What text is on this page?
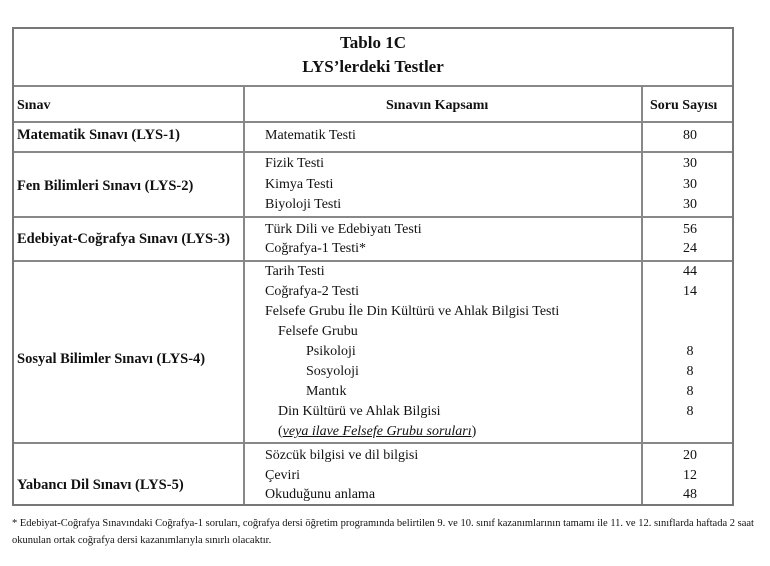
Tablo 1C
LYS’lerdeki Testler
Sınav	Sınavın Kapsamı	Soru Sayısı
Matematik Sınavı (LYS-1)	Matematik Testi	80
Fen Bilimleri Sınavı (LYS-2)
Fizik Testi	30
Kimya Testi	30
Biyoloji Testi	30
Edebiyat-Coğrafya Sınavı (LYS-3)
Türk Dili ve Edebiyatı Testi	56
Coğrafya-1 Testi*	24
Sosyal Bilimler Sınavı (LYS-4)
Tarih Testi	44
Coğrafya-2 Testi	14
Felsefe Grubu İle Din Kültürü ve Ahlak Bilgisi Testi
Felsefe Grubu
Psikoloji	8
Sosyoloji	8
Mantık	8
Din Kültürü ve Ahlak Bilgisi	8
(veya ilave Felsefe Grubu soruları)
Yabancı Dil Sınavı (LYS-5)
Sözcük bilgisi ve dil bilgisi	20
Çeviri	12
Okuduğunu anlama	48
* Edebiyat-Coğrafya Sınavındaki Coğrafya-1 soruları, coğrafya dersi öğretim programında belirtilen 9. ve 10. sınıf kazanımlarının tamamı ile 11. ve 12. sınıflarda haftada 2 saat okunulan ortak coğrafya dersi kazanımlarıyla sınırlı olacaktır.
